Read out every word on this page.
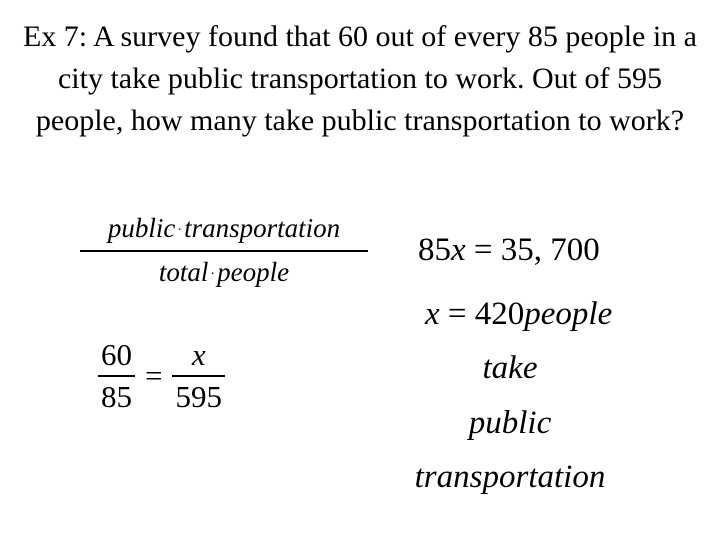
Ex 7: A survey found that 60 out of every 85 people in a city take public transportation to work. Out of 595 people, how many take public transportation to work?
public ·transportation
total ·people
$\frac{60}{85} = \frac{x}{595}$
85x = 35, 700
x = 420people
take
public
transportation
